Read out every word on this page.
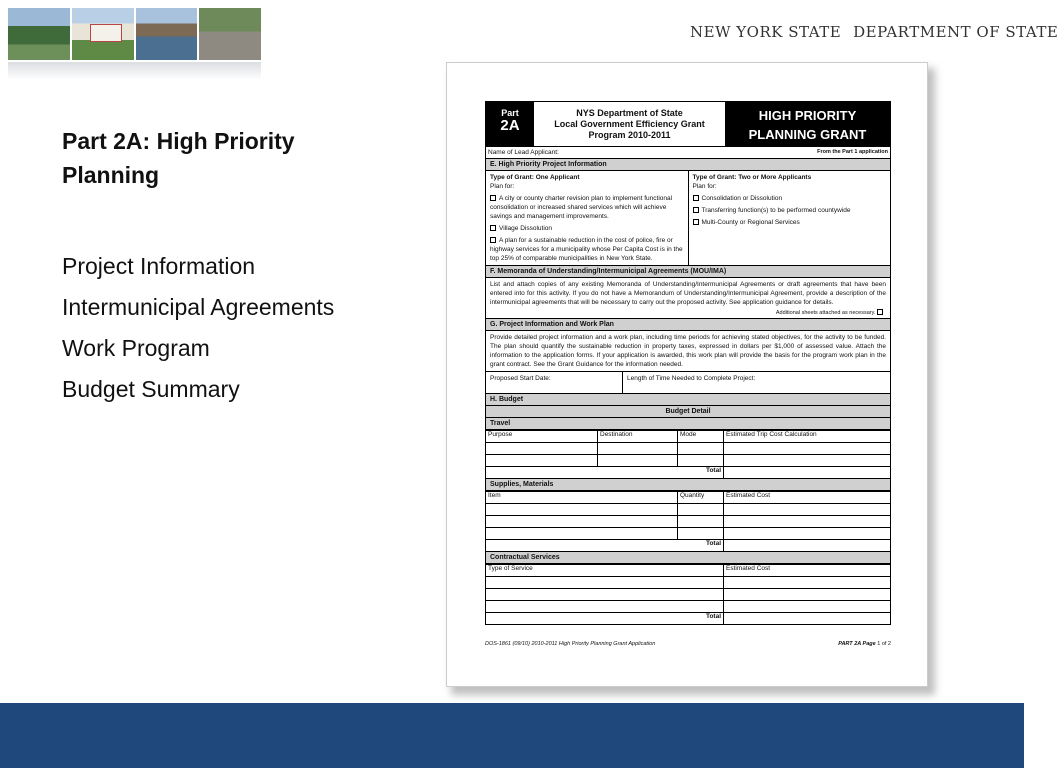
NEW YORK STATE DEPARTMENT OF STATE
Part 2A: High Priority Planning
Project Information
Intermunicipal Agreements
Work Program
Budget Summary
Part
2A
NYS Department of State
Local Government Efficiency Grant
Program 2010-2011
HIGH PRIORITY
PLANNING GRANT
Name of Lead Applicant:	From the Part 1 application
E. High Priority Project Information
Type of Grant: One Applicant
Plan for:
A city or county charter revision plan to implement functional consolidation or increased shared services which will achieve savings and management improvements.
Village Dissolution
A plan for a sustainable reduction in the cost of police, fire or highway services for a municipality whose Per Capita Cost is in the top 25% of comparable municipalities in New York State.
Type of Grant: Two or More Applicants
Plan for:
Consolidation or Dissolution
Transferring function(s) to be performed countywide
Multi-County or Regional Services
F. Memoranda of Understanding/Intermunicipal Agreements (MOU/IMA)
List and attach copies of any existing Memoranda of Understanding/Intermunicipal Agreements or draft agreements that have been entered into for this activity. If you do not have a Memorandum of Understanding/Intermunicipal Agreement, provide a description of the intermunicipal agreements that will be necessary to carry out the proposed activity. See application guidance for details.
Additional sheets attached as necessary.
G. Project Information and Work Plan
Provide detailed project information and a work plan, including time periods for achieving stated objectives, for the activity to be funded. The plan should quantify the sustainable reduction in property taxes, expressed in dollars per $1,000 of assessed value. Attach the information to the application forms. If your application is awarded, this work plan will provide the basis for the program work plan in the grant contract. See the Grant Guidance for the information needed.
Proposed Start Date:	Length of Time Needed to Complete Project:
H. Budget
Budget Detail
Travel
Purpose	Destination	Mode	Estimated Trip Cost Calculation

Total			
Supplies, Materials
Item	Quantity	Estimated Cost

Total		
Contractual Services
Type of Service	Estimated Cost

Total	
DOS-1861 (09/10) 2010-2011 High Priority Planning Grant Application	PART 2A Page 1 of 2
